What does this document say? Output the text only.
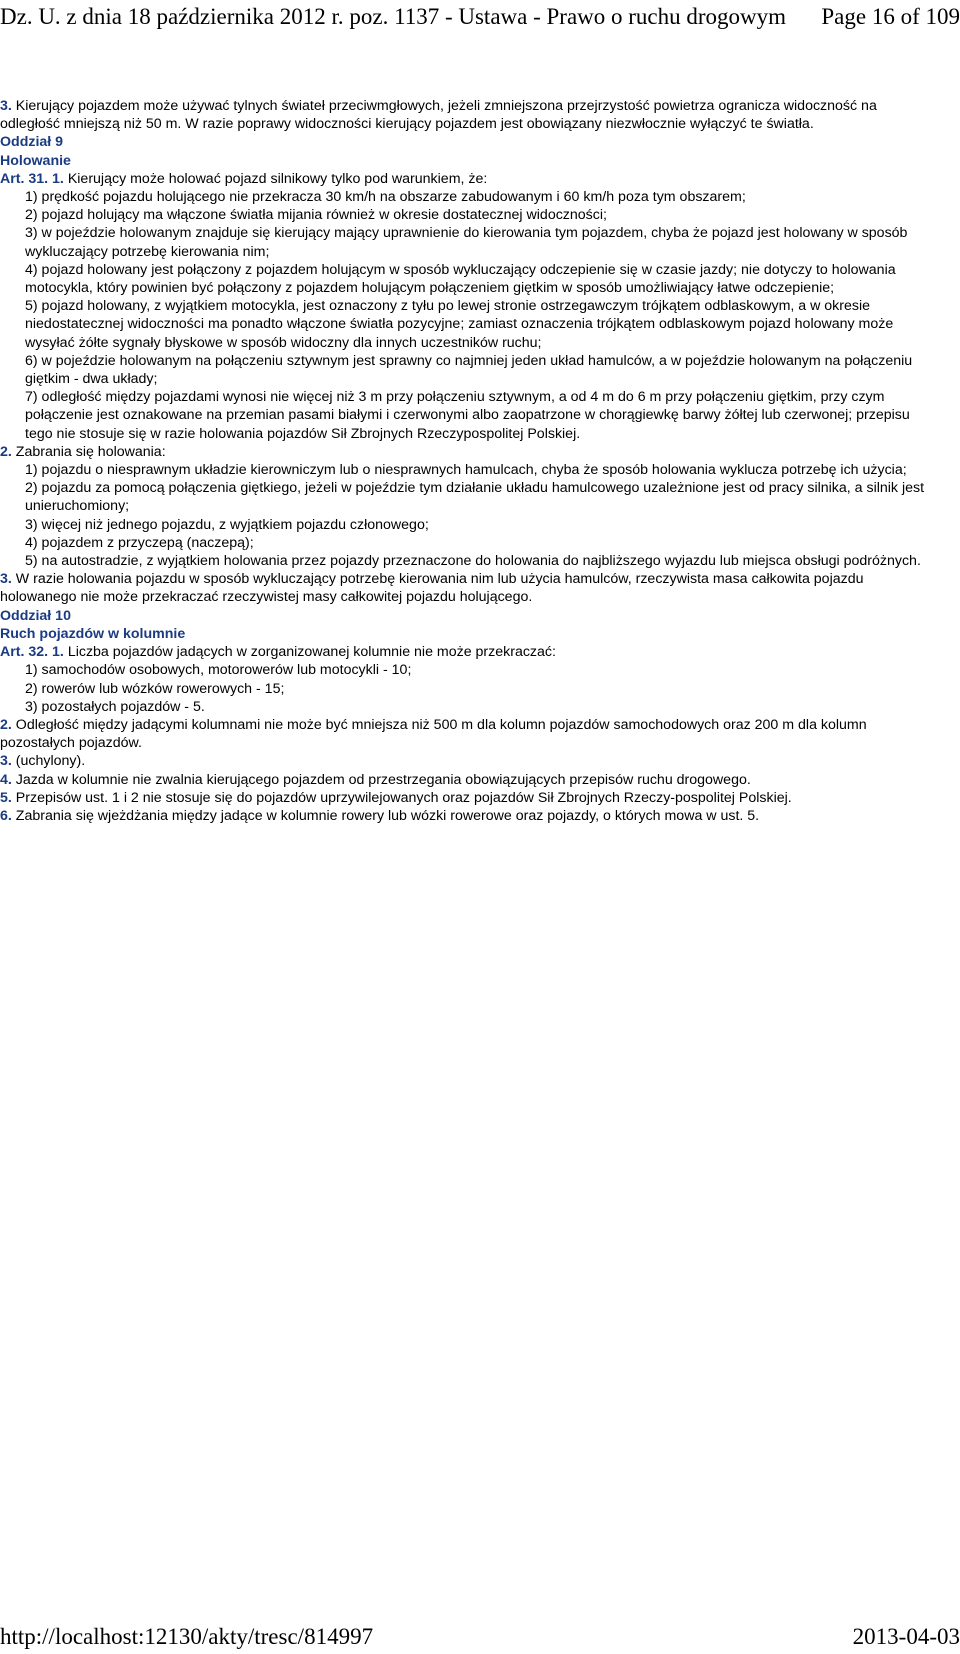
Dz. U. z dnia 18 października 2012 r. poz. 1137 - Ustawa - Prawo o ruchu drogowym Page 16 of 109

3. Kierujący pojazdem może używać tylnych świateł przeciwmgłowych, jeżeli zmniejszona przejrzystość powietrza ogranicza widoczność na odległość mniejszą niż 50 m. W razie poprawy widoczności kierujący pojazdem jest obowiązany niezwłocznie wyłączyć te światła.

Oddział 9

Holowanie

Art. 31. 1. Kierujący może holować pojazd silnikowy tylko pod warunkiem, że:

1) prędkość pojazdu holującego nie przekracza 30 km/h na obszarze zabudowanym i 60 km/h poza tym obszarem;

2) pojazd holujący ma włączone światła mijania również w okresie dostatecznej widoczności;

3) w pojeździe holowanym znajduje się kierujący mający uprawnienie do kierowania tym pojazdem, chyba że pojazd jest holowany w sposób wykluczający potrzebę kierowania nim;

4) pojazd holowany jest połączony z pojazdem holującym w sposób wykluczający odczepienie się w czasie jazdy; nie dotyczy to holowania motocykla, który powinien być połączony z pojazdem holującym połączeniem giętkim w sposób umożliwiający łatwe odczepienie;

5) pojazd holowany, z wyjątkiem motocykla, jest oznaczony z tyłu po lewej stronie ostrzegawczym trójkątem odblaskowym, a w okresie niedostatecznej widoczności ma ponadto włączone światła pozycyjne; zamiast oznaczenia trójkątem odblaskowym pojazd holowany może wysyłać żółte sygnały błyskowe w sposób widoczny dla innych uczestników ruchu;

6) w pojeździe holowanym na połączeniu sztywnym jest sprawny co najmniej jeden układ hamulców, a w pojeździe holowanym na połączeniu giętkim - dwa układy;

7) odległość między pojazdami wynosi nie więcej niż 3 m przy połączeniu sztywnym, a od 4 m do 6 m przy połączeniu giętkim, przy czym połączenie jest oznakowane na przemian pasami białymi i czerwonymi albo zaopatrzone w chorągiewkę barwy żółtej lub czerwonej; przepisu tego nie stosuje się w razie holowania pojazdów Sił Zbrojnych Rzeczypospolitej Polskiej.

2. Zabrania się holowania:

1) pojazdu o niesprawnym układzie kierowniczym lub o niesprawnych hamulcach, chyba że sposób holowania wyklucza potrzebę ich użycia;

2) pojazdu za pomocą połączenia giętkiego, jeżeli w pojeździe tym działanie układu hamulcowego uzależnione jest od pracy silnika, a silnik jest unieruchomiony;

3) więcej niż jednego pojazdu, z wyjątkiem pojazdu członowego;

4) pojazdem z przyczepą (naczepą);

5) na autostradzie, z wyjątkiem holowania przez pojazdy przeznaczone do holowania do najbliższego wyjazdu lub miejsca obsługi podróżnych.

3. W razie holowania pojazdu w sposób wykluczający potrzebę kierowania nim lub użycia hamulców, rzeczywista masa całkowita pojazdu holowanego nie może przekraczać rzeczywistej masy całkowitej pojazdu holującego.

Oddział 10

Ruch pojazdów w kolumnie

Art. 32. 1. Liczba pojazdów jadących w zorganizowanej kolumnie nie może przekraczać:

1) samochodów osobowych, motorowerów lub motocykli - 10;

2) rowerów lub wózków rowerowych - 15;

3) pozostałych pojazdów - 5.

2. Odległość między jadącymi kolumnami nie może być mniejsza niż 500 m dla kolumn pojazdów samochodowych oraz 200 m dla kolumn pozostałych pojazdów.

3. (uchylony).

4. Jazda w kolumnie nie zwalnia kierującego pojazdem od przestrzegania obowiązujących przepisów ruchu drogowego.

5. Przepisów ust. 1 i 2 nie stosuje się do pojazdów uprzywilejowanych oraz pojazdów Sił Zbrojnych Rzeczy-pospolitej Polskiej.

6. Zabrania się wjeżdżania między jadące w kolumnie rowery lub wózki rowerowe oraz pojazdy, o których mowa w ust. 5.

http://localhost:12130/akty/tresc/814997	2013-04-03
